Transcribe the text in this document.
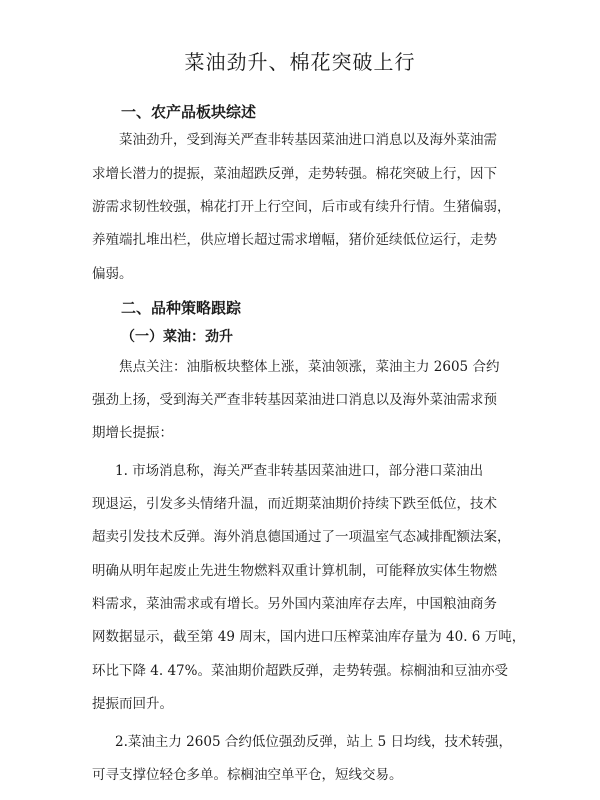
菜油劲升、棉花突破上行
一、农产品板块综述
菜油劲升，受到海关严查非转基因菜油进口消息以及海外菜油需
求增长潜力的提振，菜油超跌反弹，走势转强。棉花突破上行，因下
游需求韧性较强，棉花打开上行空间，后市或有续升行情。生猪偏弱，
养殖端扎堆出栏，供应增长超过需求增幅，猪价延续低位运行，走势
偏弱。
二、品种策略跟踪
（一）菜油：劲升
焦点关注：油脂板块整体上涨，菜油领涨，菜油主力 2605 合约
强劲上扬，受到海关严查非转基因菜油进口消息以及海外菜油需求预
期增长提振：
1. 市场消息称，海关严查非转基因菜油进口，部分港口菜油出
现退运，引发多头情绪升温，而近期菜油期价持续下跌至低位，技术
超卖引发技术反弹。海外消息德国通过了一项温室气态减排配额法案，
明确从明年起废止先进生物燃料双重计算机制，可能释放实体生物燃
料需求，菜油需求或有增长。另外国内菜油库存去库，中国粮油商务
网数据显示，截至第 49 周末，国内进口压榨菜油库存量为 40. 6 万吨，
环比下降 4. 47%。菜油期价超跌反弹，走势转强。棕榈油和豆油亦受
提振而回升。
2.菜油主力 2605 合约低位强劲反弹，站上 5 日均线，技术转强，
可寻支撑位轻仓多单。棕榈油空单平仓，短线交易。
